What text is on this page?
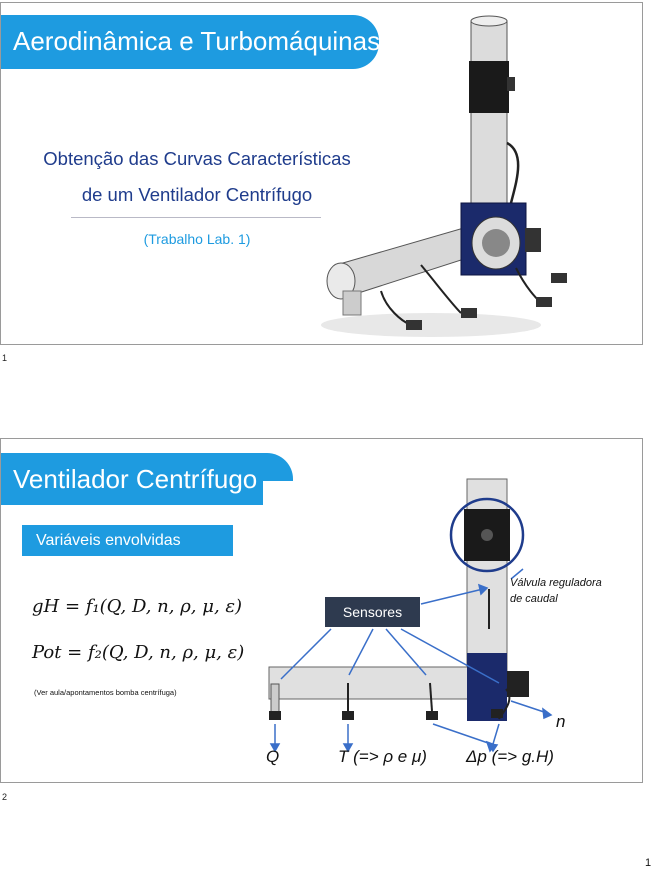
Aerodinâmica e Turbomáquinas
Obtenção das Curvas Características
de um Ventilador Centrífugo
(Trabalho Lab. 1)
1
Ventilador Centrífugo
Sensores
Variáveis envolvidas
gH = f₁(Q, D, n, ρ, μ, ε)
Pot = f₂(Q, D, n, ρ, μ, ε)
(Ver aula/apontamentos bomba centrífuga)
Válvula reguladora
de caudal
Q	T (=> ρ e μ) Δp (=> g.H)
n
2
1
